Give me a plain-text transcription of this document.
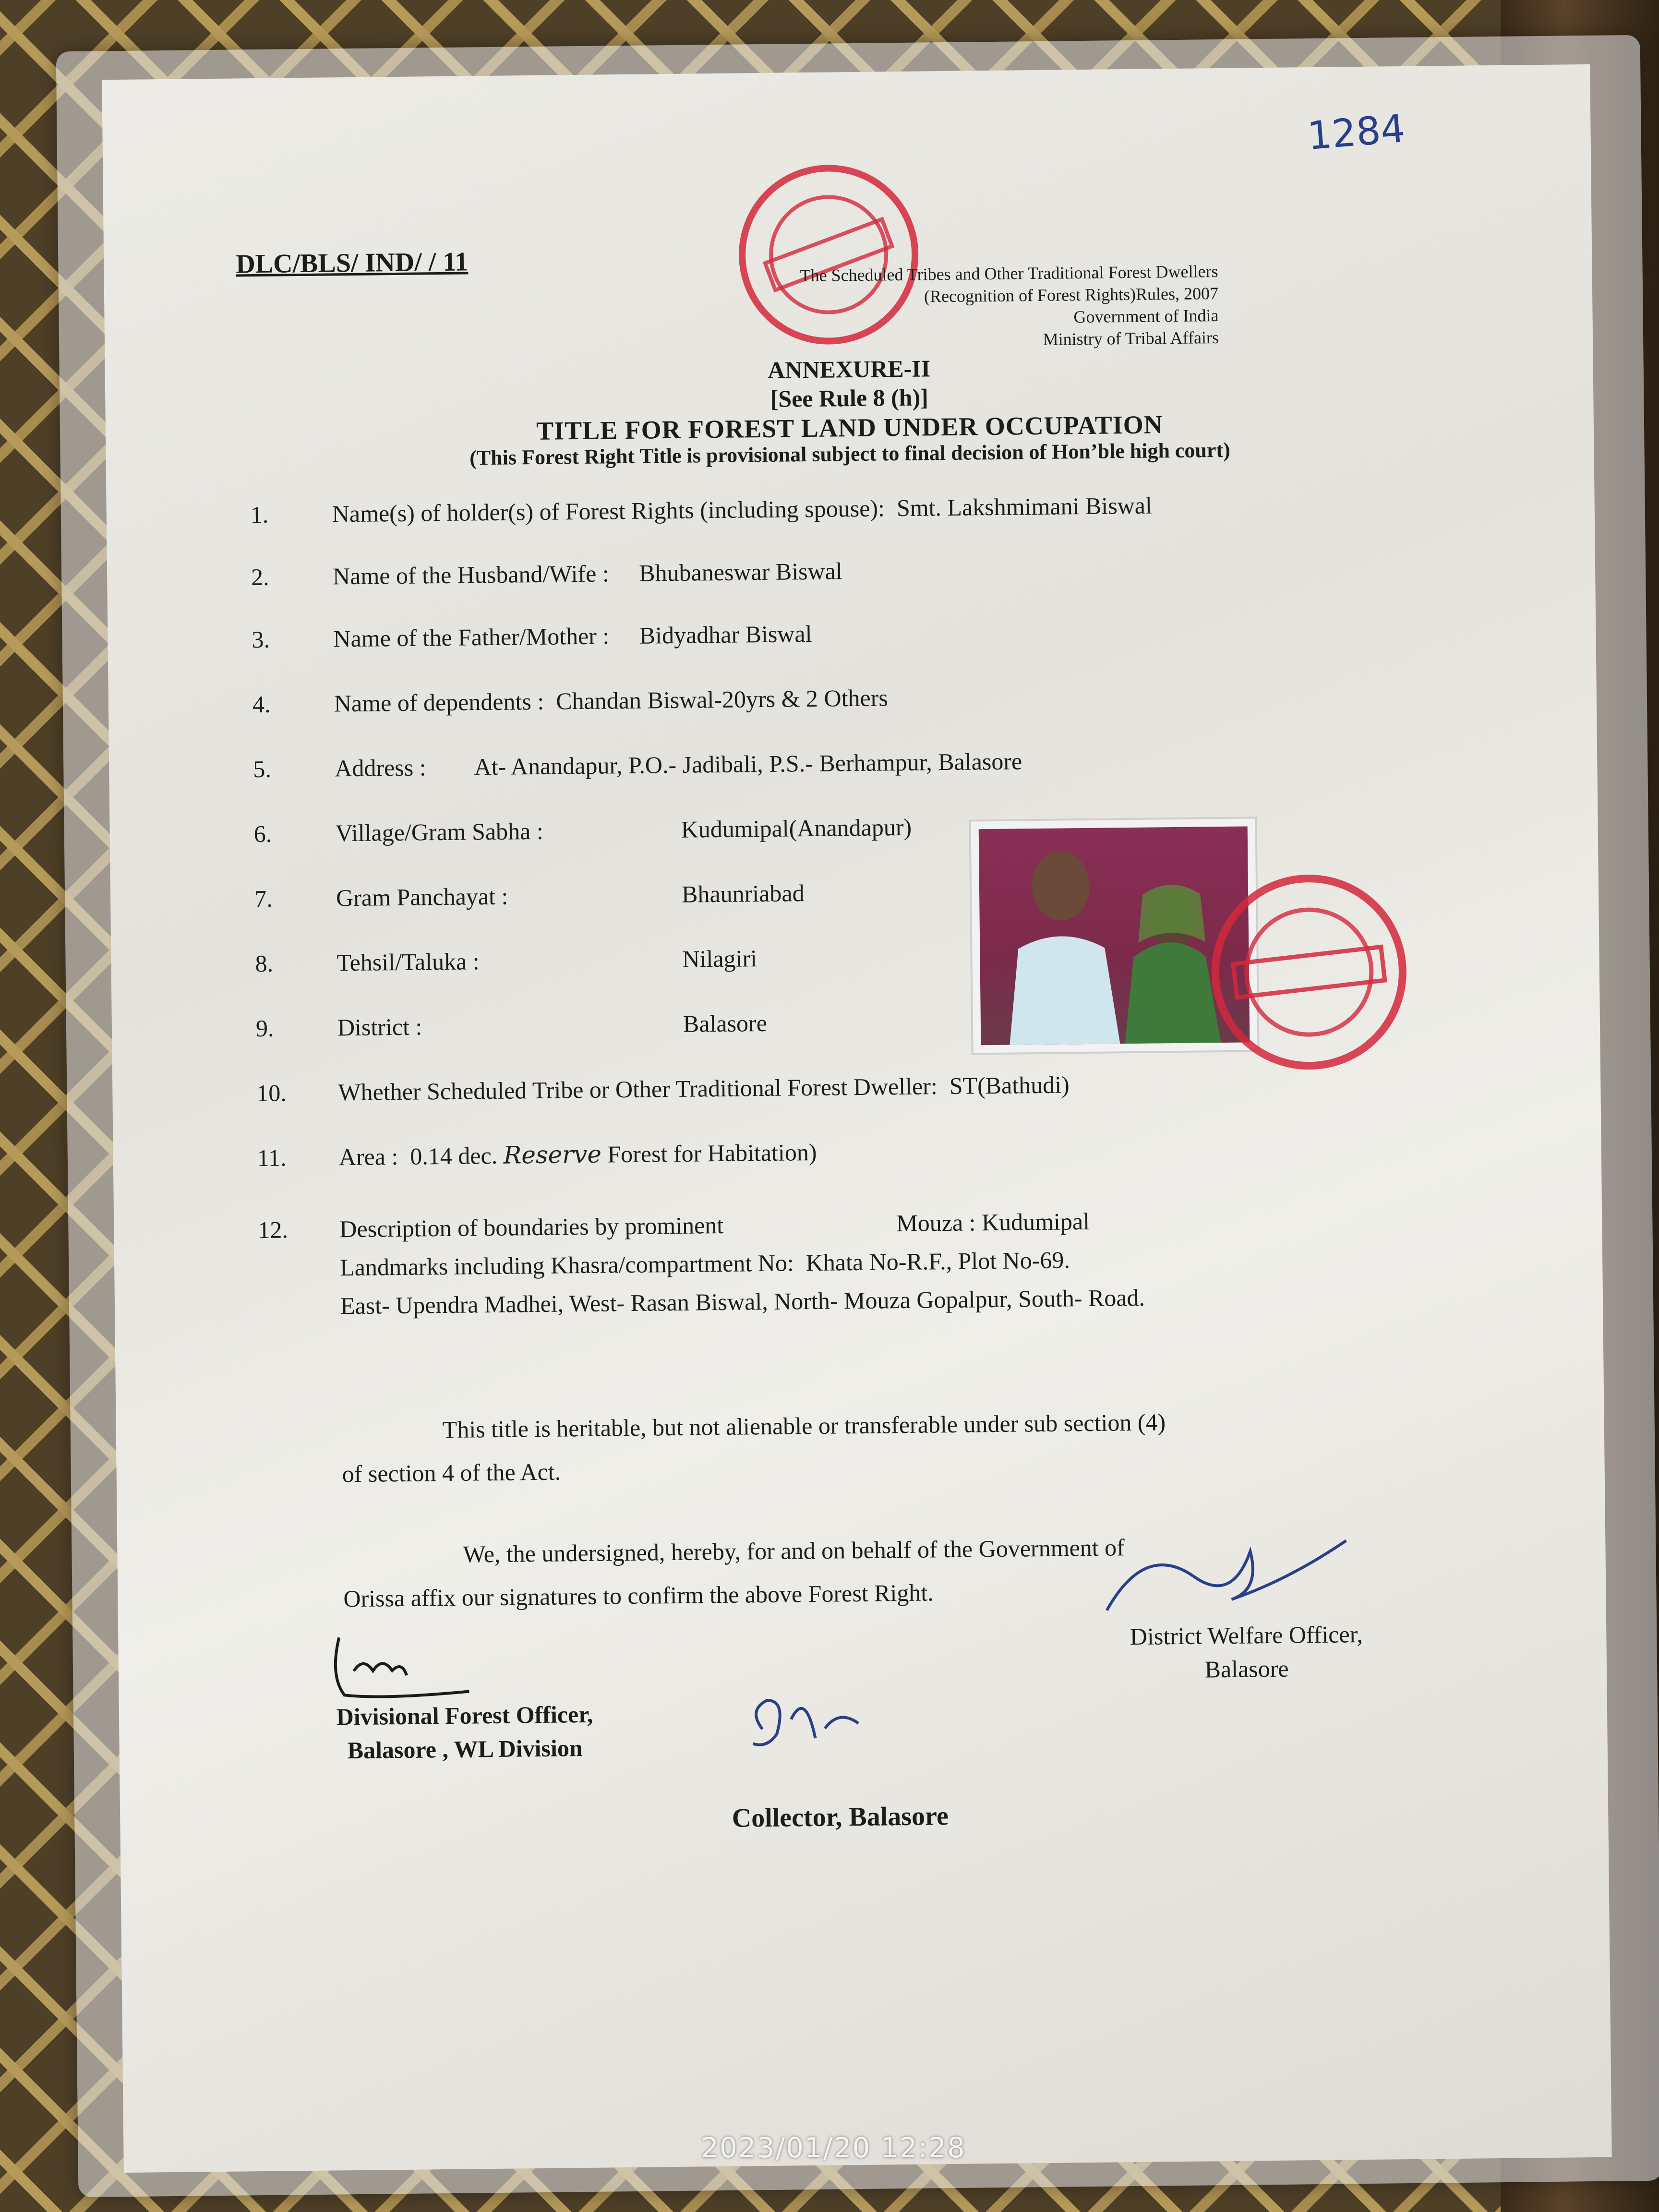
DLC/BLS/ IND/ / 11
1284
The Scheduled Tribes and Other Traditional Forest Dwellers
(Recognition of Forest Rights)Rules, 2007
Government of India
Ministry of Tribal Affairs
ANNEXURE-II
[See Rule 8 (h)]
TITLE FOR FOREST LAND UNDER OCCUPATION
(This Forest Right Title is provisional subject to final decision of Hon’ble high court)
1.	Name(s) of holder(s) of Forest Rights (including spouse): Smt. Lakshmimani Biswal
2.	Name of the Husband/Wife : Bhubaneswar Biswal
3.	Name of the Father/Mother : Bidyadhar Biswal
4.	Name of dependents : Chandan Biswal-20yrs & 2 Others
5.	Address : At- Anandapur, P.O.- Jadibali, P.S.- Berhampur, Balasore
6.	Village/Gram Sabha :	Kudumipal(Anandapur)
7.	Gram Panchayat :	Bhaunriabad
8.	Tehsil/Taluka :	Nilagiri
9.	District :	Balasore
10. Whether Scheduled Tribe or Other Traditional Forest Dweller: ST(Bathudi)
11. Area : 0.14 dec. Reserve Forest for Habitation)
12. Description of boundaries by prominent	Mouza : Kudumipal
Landmarks including Khasra/compartment No: Khata No-R.F., Plot No-69.
East- Upendra Madhei, West- Rasan Biswal, North- Mouza Gopalpur, South- Road.
This title is heritable, but not alienable or transferable under sub section (4)
of section 4 of the Act.
We, the undersigned, hereby, for and on behalf of the Government of
Orissa affix our signatures to confirm the above Forest Right.
Divisional Forest Officer,
Balasore , WL Division
Collector, Balasore
District Welfare Officer,
Balasore
2023/01/20 12:28
